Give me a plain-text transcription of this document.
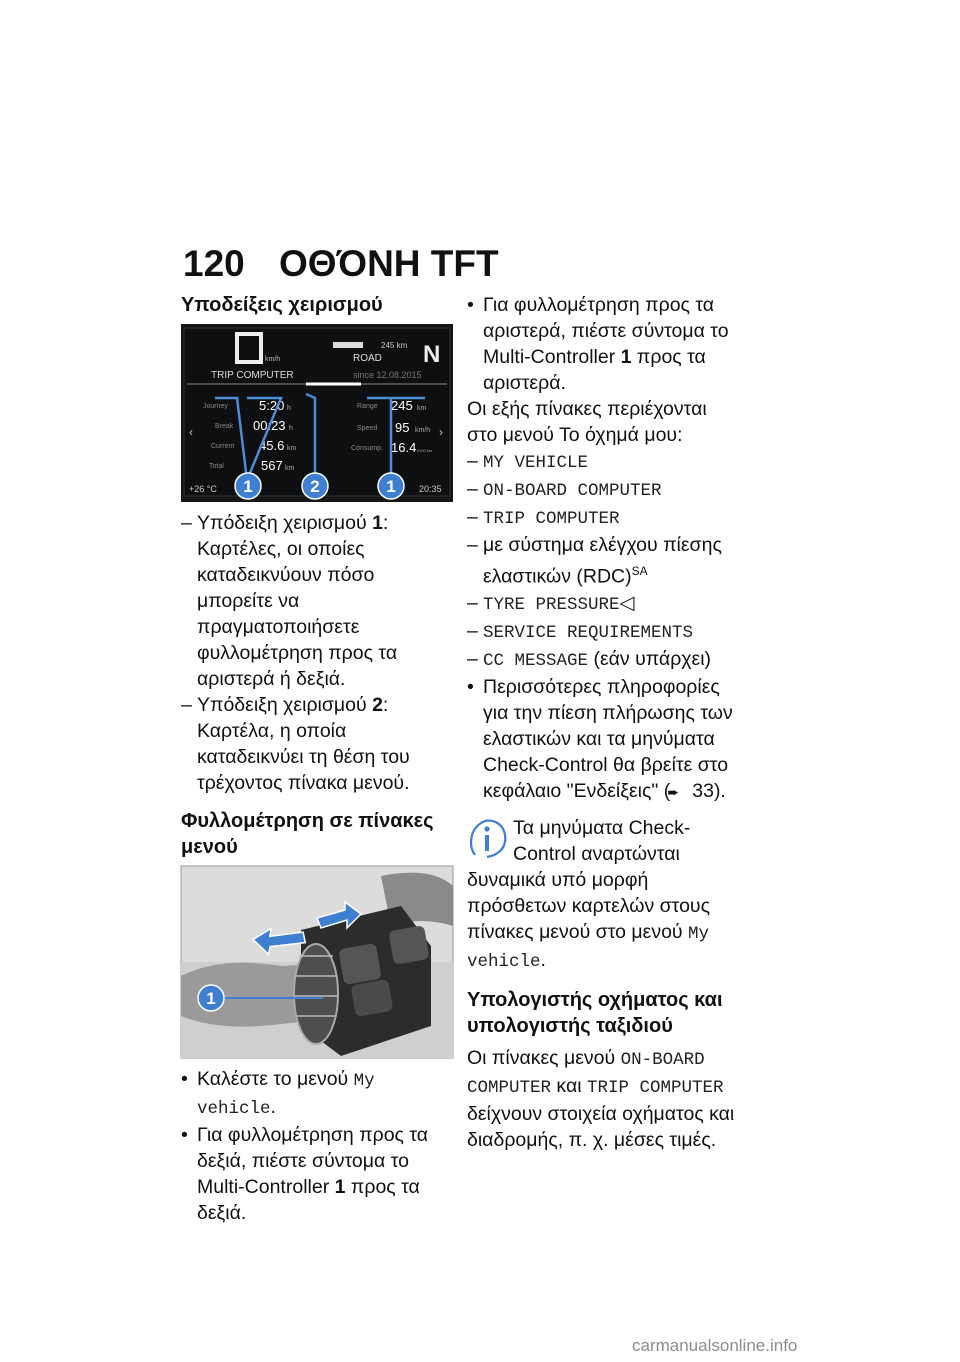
120 ΟΘΌΝΗ TFT
Υποδείξεις χειρισμού
0
km/h
245 km
ROAD N
TRIP COMPUTER	since 12.08.2015
‹	›
Journey 5:20 h
Break 00:23 h
Current 45.6 km
Total	567 km
Range 245 km
Speed 95 km/h
Consump. 16.4 l/100 km
+26 °C	20:35
1	2	1

– Υπόδειξη χειρισμού 1: Καρτέλες, οι οποίες καταδεικνύουν πόσο μπορείτε να πραγματοποιήσετε φυλλομέτρηση προς τα αριστερά ή δεξιά.

– Υπόδειξη χειρισμού 2: Καρτέλα, η οποία καταδεικνύει τη θέση του τρέχοντος πίνακα μενού.

Φυλλομέτρηση σε πίνακες μενού
1

• Καλέστε το μενού My vehicle.

• Για φυλλομέτρηση προς τα δεξιά, πιέστε σύντομα το Multi-Controller 1 προς τα δεξιά.

• Για φυλλομέτρηση προς τα αριστερά, πιέστε σύντομα το Multi-Controller 1 προς τα αριστερά.

Οι εξής πίνακες περιέχονται στο μενού Το όχημά μου:

– MY VEHICLE

– ON-BOARD COMPUTER

– TRIP COMPUTER

– με σύστημα ελέγχου πίεσης ελαστικών (RDC)$^{SA}$

– TYRE PRESSURE◁

– SERVICE REQUIREMENTS

– CC MESSAGE (εάν υπάρχει)

• Περισσότερες πληροφορίες για την πίεση πλήρωσης των ελαστικών και τα μηνύματα Check-Control θα βρείτε στο κεφάλαιο "Ενδείξεις" (➨ 33).

Τα μηνύματα Check-Control αναρτώνται

δυναμικά υπό μορφή πρόσθετων καρτελών στους πίνακες μενού στο μενού My vehicle.

Υπολογιστής οχήματος και υπολογιστής ταξιδιού

Οι πίνακες μενού ON-BOARD COMPUTER και TRIP COMPUTER δείχνουν στοιχεία οχήματος και διαδρομής, π. χ. μέσες τιμές.

carmanualsonline.info
